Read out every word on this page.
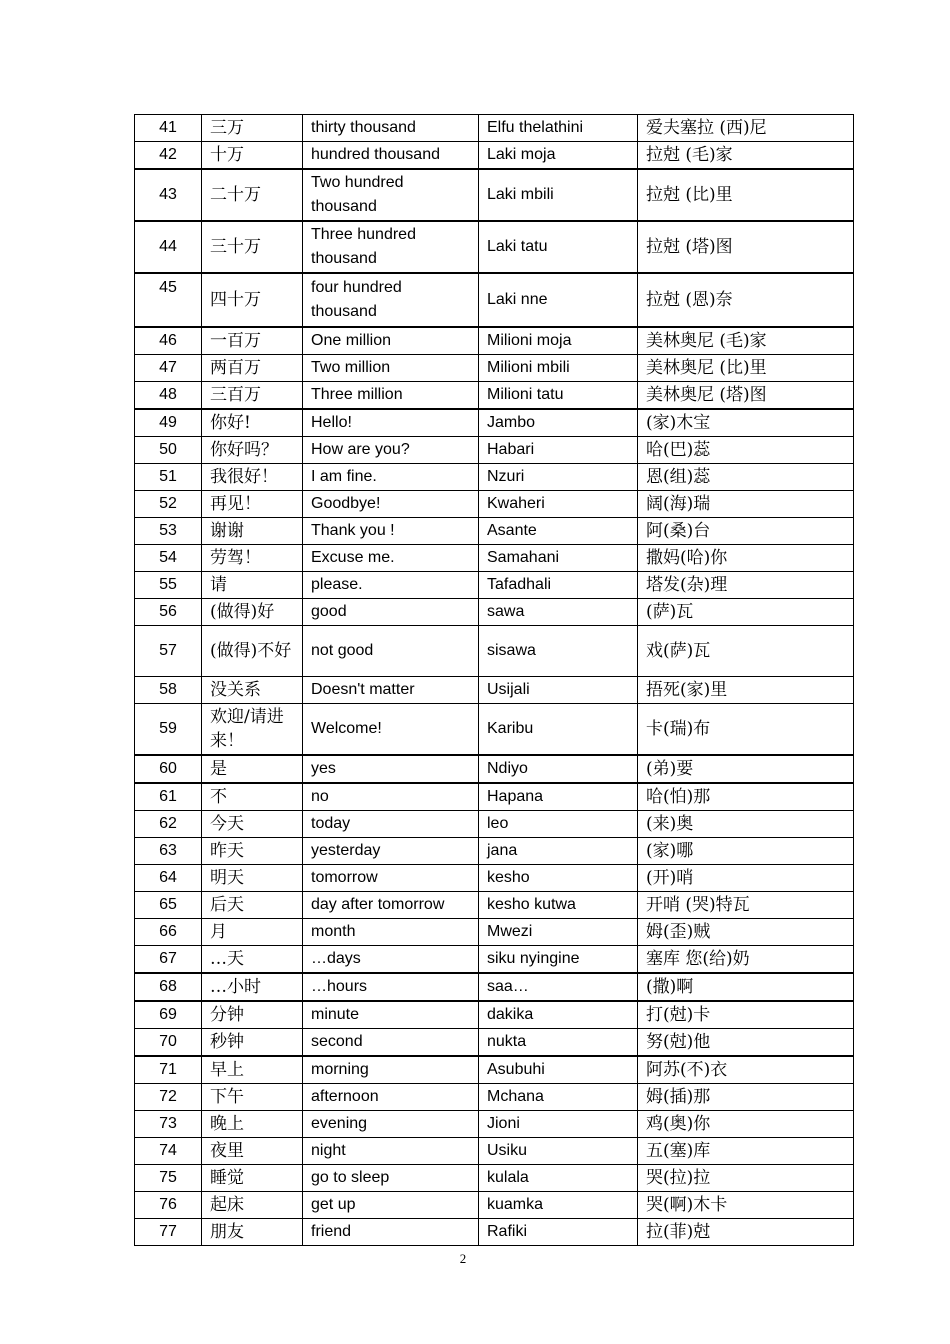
41	三万	thirty thousand	Elfu thelathini	爱夫塞拉 (西)尼
42	十万	hundred thousand	Laki moja	拉尅 (毛)家
43	二十万	Two hundred thousand	Laki mbili	拉尅 (比)里
44	三十万	Three hundred thousand	Laki tatu	拉尅 (塔)图
45	四十万	four hundred thousand	Laki nne	拉尅 (恩)奈
46	一百万	One million	Milioni moja	美林奥尼 (毛)家
47	两百万	Two million	Milioni mbili	美林奥尼 (比)里
48	三百万	Three million	Milioni tatu	美林奥尼 (塔)图
49	你好!	Hello!	Jambo	(家)木宝
50	你好吗？	How are you?	Habari	哈(巴)蕊
51	我很好！	I am fine.	Nzuri	恩(组)蕊
52	再见！	Goodbye!	Kwaheri	阔(海)瑞
53	谢谢	Thank you !	Asante	阿(桑)台
54	劳驾！	Excuse me.	Samahani	撒妈(哈)你
55	请	please.	Tafadhali	塔发(杂)理
56	(做得)好	good	sawa	(萨)瓦
57	(做得)不好	not good	sisawa	戏(萨)瓦
58	没关系	Doesn't matter	Usijali	捂死(家)里
59	欢迎/请进来！	Welcome!	Karibu	卡(瑞)布
60	是	yes	Ndiyo	(弟)要
61	不	no	Hapana	哈(怕)那
62	今天	today	leo	(来)奥
63	昨天	yesterday	jana	(家)哪
64	明天	tomorrow	kesho	(开)哨
65	后天	day after tomorrow	kesho kutwa	开哨 (哭)特瓦
66	月	month	Mwezi	姆(歪)贼
67	…天	…days	siku nyingine	塞库 您(给)奶
68	…小时	…hours	saa…	(撒)啊
69	分钟	minute	dakika	打(尅)卡
70	秒钟	second	nukta	努(尅)他
71	早上	morning	Asubuhi	阿苏(不)衣
72	下午	afternoon	Mchana	姆(插)那
73	晚上	evening	Jioni	鸡(奥)你
74	夜里	night	Usiku	五(塞)库
75	睡觉	go to sleep	kulala	哭(拉)拉
76	起床	get up	kuamka	哭(啊)木卡
77	朋友	friend	Rafiki	拉(菲)尅
2
